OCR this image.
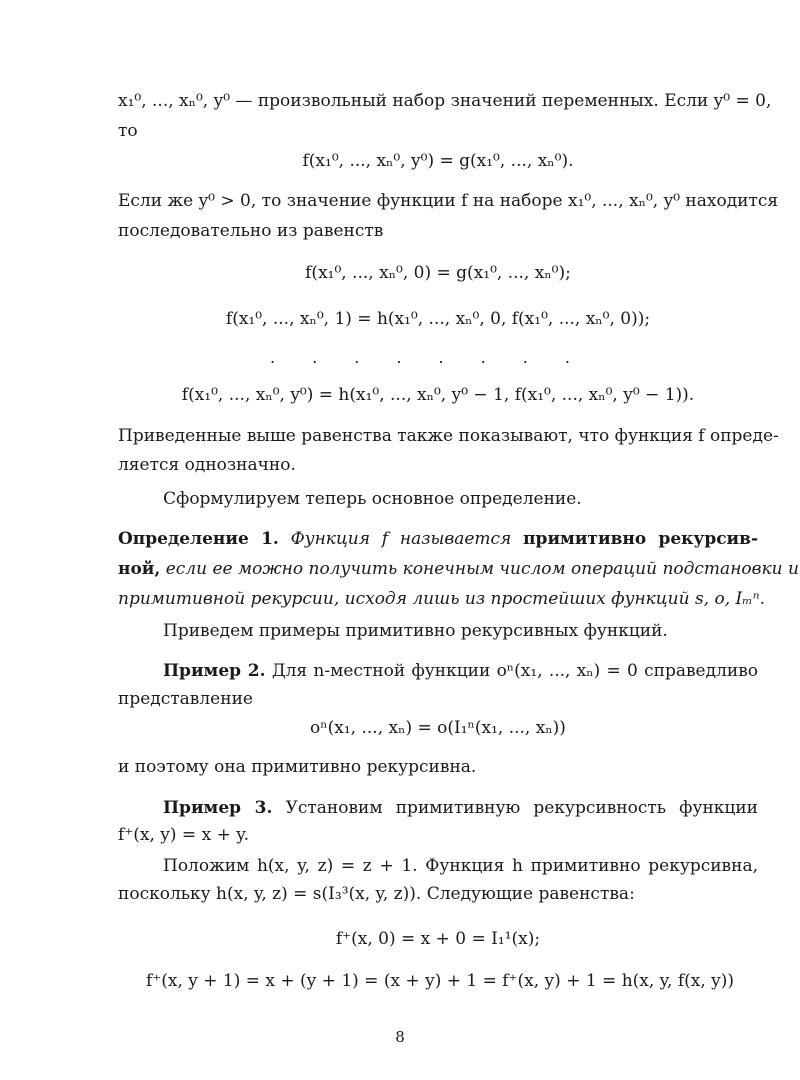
x₁⁰, ..., xₙ⁰, y⁰ — произвольный набор значений переменных. Если y⁰ = 0,
то
f(x₁⁰, ..., xₙ⁰, y⁰) = g(x₁⁰, ..., xₙ⁰).
Если же y⁰ > 0, то значение функции f на наборе x₁⁰, ..., xₙ⁰, y⁰ находится
последовательно из равенств
f(x₁⁰, ..., xₙ⁰, 0) = g(x₁⁰, ..., xₙ⁰);
f(x₁⁰, ..., xₙ⁰, 1) = h(x₁⁰, ..., xₙ⁰, 0, f(x₁⁰, ..., xₙ⁰, 0));
. . . . . . . .
f(x₁⁰, ..., xₙ⁰, y⁰) = h(x₁⁰, ..., xₙ⁰, y⁰ − 1, f(x₁⁰, ..., xₙ⁰, y⁰ − 1)).
Приведенные выше равенства также показывают, что функция f опреде-
ляется однозначно.
Сформулируем теперь основное определение.
Определение 1. Функция f называется примитивно рекурсив-
ной, если ее можно получить конечным числом операций подстановки и
примитивной рекурсии, исходя лишь из простейших функций s, o, Iₘⁿ.
Приведем примеры примитивно рекурсивных функций.
Пример 2. Для n-местной функции oⁿ(x₁, ..., xₙ) = 0 справедливо
представление
oⁿ(x₁, ..., xₙ) = o(I₁ⁿ(x₁, ..., xₙ))
и поэтому она примитивно рекурсивна.
Пример 3. Установим примитивную рекурсивность функции
f⁺(x, y) = x + y.
Положим h(x, y, z) = z + 1. Функция h примитивно рекурсивна,
поскольку h(x, y, z) = s(I₃³(x, y, z)). Следующие равенства:
f⁺(x, 0) = x + 0 = I₁¹(x);
f⁺(x, y + 1) = x + (y + 1) = (x + y) + 1 = f⁺(x, y) + 1 = h(x, y, f(x, y))
8
